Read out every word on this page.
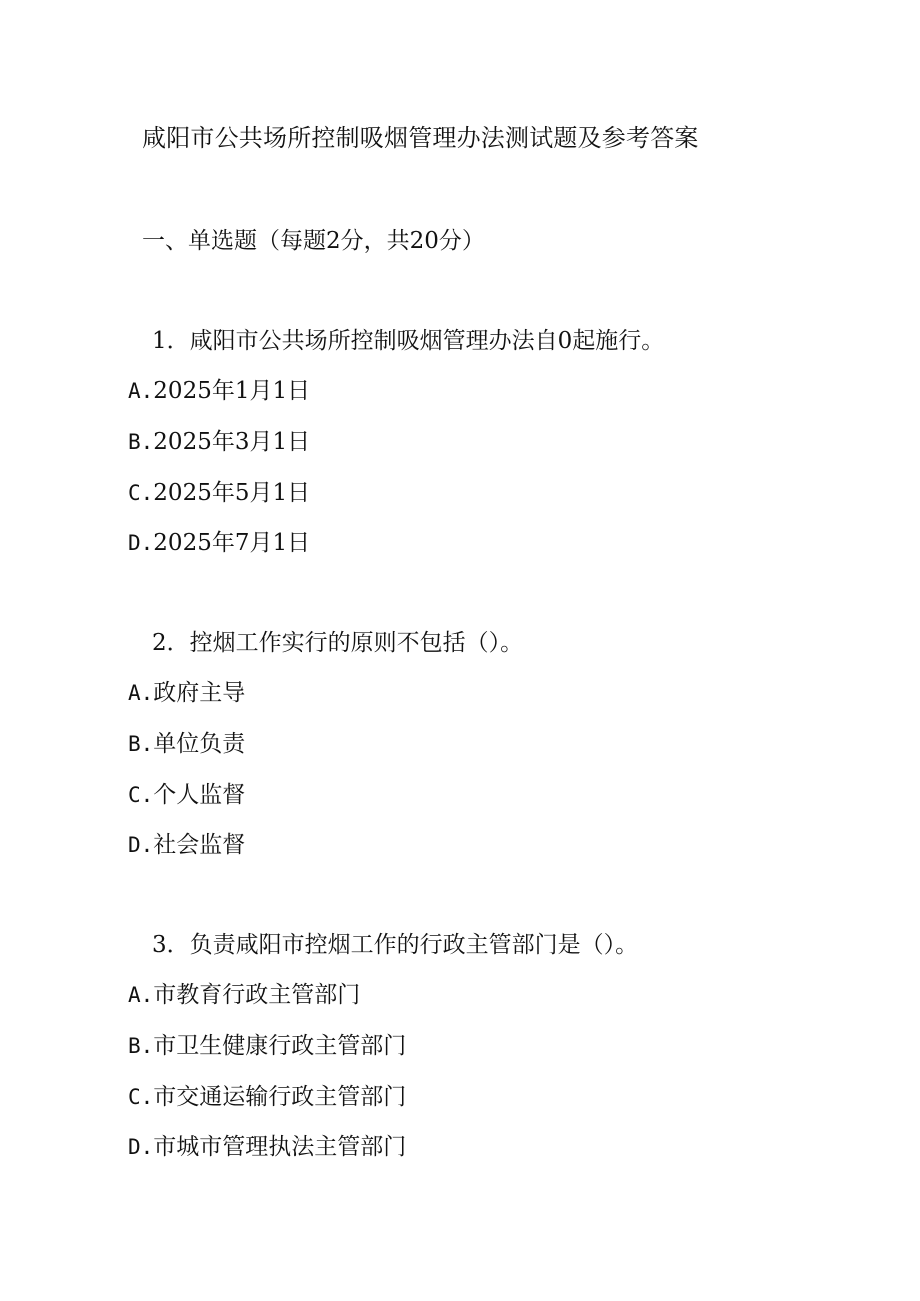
咸阳市公共场所控制吸烟管理办法测试题及参考答案
一、单选题（每题2分，共20分）
1．咸阳市公共场所控制吸烟管理办法自0起施行。
A.2025年1月1日
B.2025年3月1日
C.2025年5月1日
D.2025年7月1日
2．控烟工作实行的原则不包括（）。
A.政府主导
B.单位负责
C.个人监督
D.社会监督
3．负责咸阳市控烟工作的行政主管部门是（）。
A.市教育行政主管部门
B.市卫生健康行政主管部门
C.市交通运输行政主管部门
D.市城市管理执法主管部门
